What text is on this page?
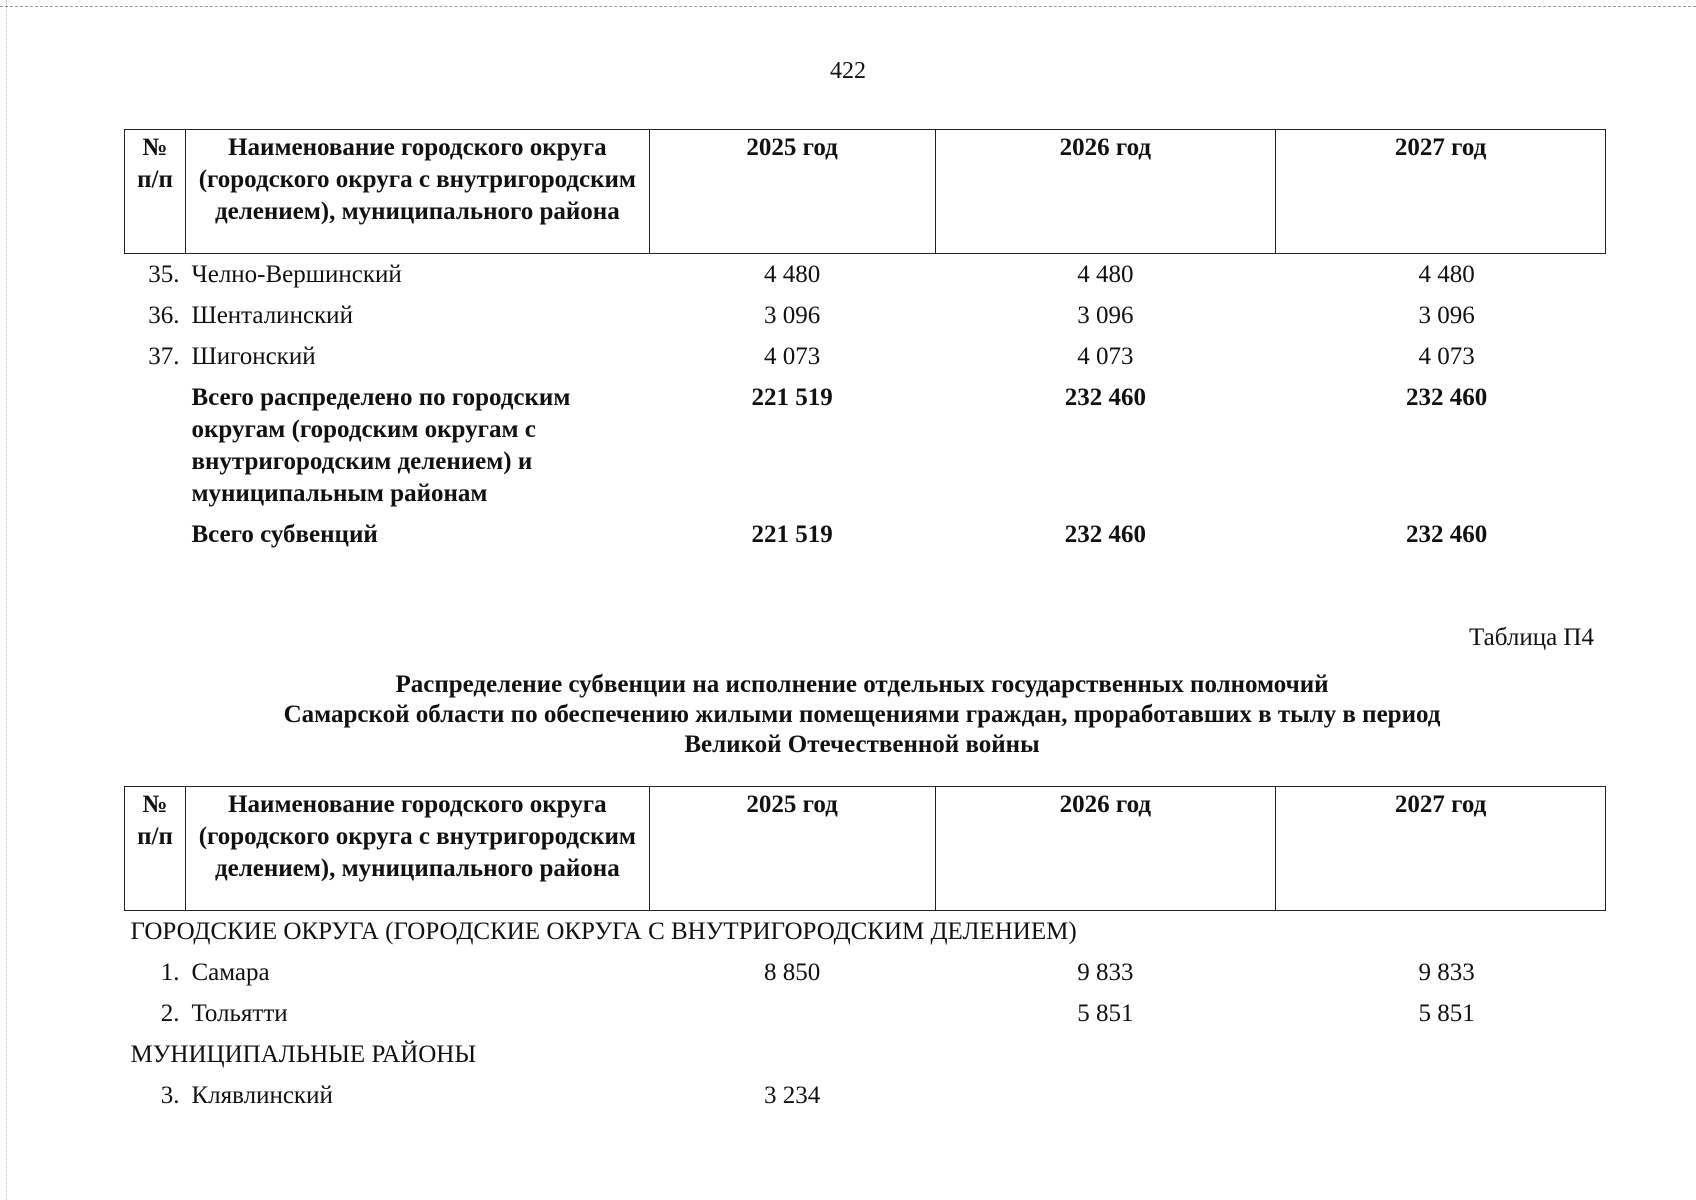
422
№ п/п	Наименование городского округа (городского округа с внутригородским делением), муниципального района	2025 год	2026 год	2027 год
35.	Челно-Вершинский	4 480	4 480	4 480
36.	Шенталинский	3 096	3 096	3 096
37.	Шигонский	4 073	4 073	4 073
	Всего распределено по городским округам (городским округам с внутригородским делением) и муниципальным районам	221 519	232 460	232 460
	Всего субвенций	221 519	232 460	232 460
Таблица П4
Распределение субвенции на исполнение отдельных государственных полномочий
Самарской области по обеспечению жилыми помещениями граждан, проработавших в тылу в период
Великой Отечественной войны
№ п/п	Наименование городского округа (городского округа с внутригородским делением), муниципального района	2025 год	2026 год	2027 год
ГОРОДСКИЕ ОКРУГА (ГОРОДСКИЕ ОКРУГА С ВНУТРИГОРОДСКИМ ДЕЛЕНИЕМ)				
1.	Самара	8 850	9 833	9 833
2.	Тольятти		5 851	5 851
МУНИЦИПАЛЬНЫЕ РАЙОНЫ				
3.	Клявлинский	3 234		
